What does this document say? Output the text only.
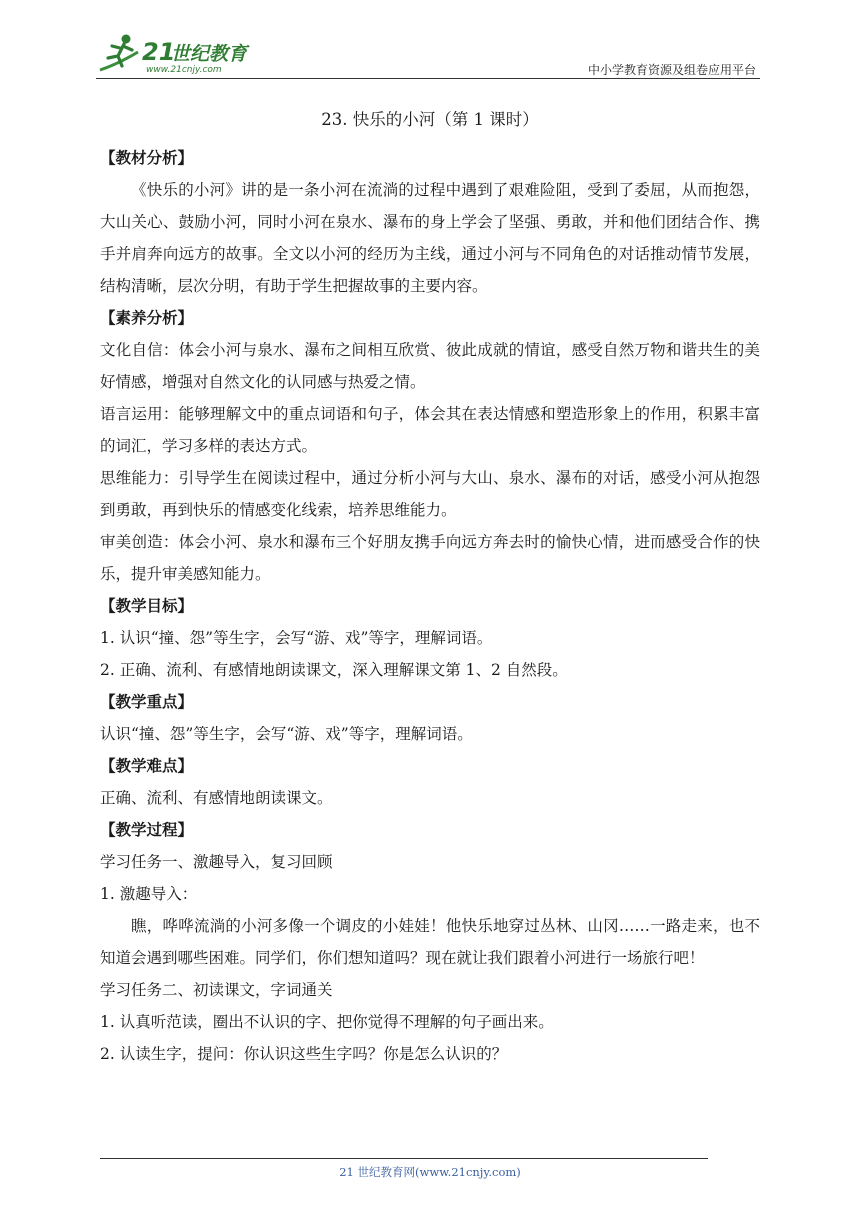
21
世纪教育
www.21cnjy.com	中小学教育资源及组卷应用平台
23. 快乐的小河（第 1 课时）

【教材分析】

《快乐的小河》讲的是一条小河在流淌的过程中遇到了艰难险阻，受到了委屈，从而抱怨，大山关心、鼓励小河，同时小河在泉水、瀑布的身上学会了坚强、勇敢，并和他们团结合作、携手并肩奔向远方的故事。全文以小河的经历为主线，通过小河与不同角色的对话推动情节发展，结构清晰，层次分明，有助于学生把握故事的主要内容。

【素养分析】

文化自信：体会小河与泉水、瀑布之间相互欣赏、彼此成就的情谊，感受自然万物和谐共生的美好情感，增强对自然文化的认同感与热爱之情。

语言运用：能够理解文中的重点词语和句子，体会其在表达情感和塑造形象上的作用，积累丰富的词汇，学习多样的表达方式。

思维能力：引导学生在阅读过程中，通过分析小河与大山、泉水、瀑布的对话，感受小河从抱怨到勇敢，再到快乐的情感变化线索，培养思维能力。

审美创造：体会小河、泉水和瀑布三个好朋友携手向远方奔去时的愉快心情，进而感受合作的快乐，提升审美感知能力。

【教学目标】

1. 认识“撞、怨”等生字，会写“游、戏”等字，理解词语。

2. 正确、流利、有感情地朗读课文，深入理解课文第 1、2 自然段。

【教学重点】

认识“撞、怨”等生字，会写“游、戏”等字，理解词语。

【教学难点】

正确、流利、有感情地朗读课文。

【教学过程】

学习任务一、激趣导入，复习回顾

1. 激趣导入：

瞧，哗哗流淌的小河多像一个调皮的小娃娃！他快乐地穿过丛林、山冈……一路走来，也不知道会遇到哪些困难。同学们，你们想知道吗？现在就让我们跟着小河进行一场旅行吧！

学习任务二、初读课文，字词通关

1. 认真听范读，圈出不认识的字、把你觉得不理解的句子画出来。

2. 认读生字，提问：你认识这些生字吗？你是怎么认识的？

21 世纪教育网(www.21cnjy.com)
